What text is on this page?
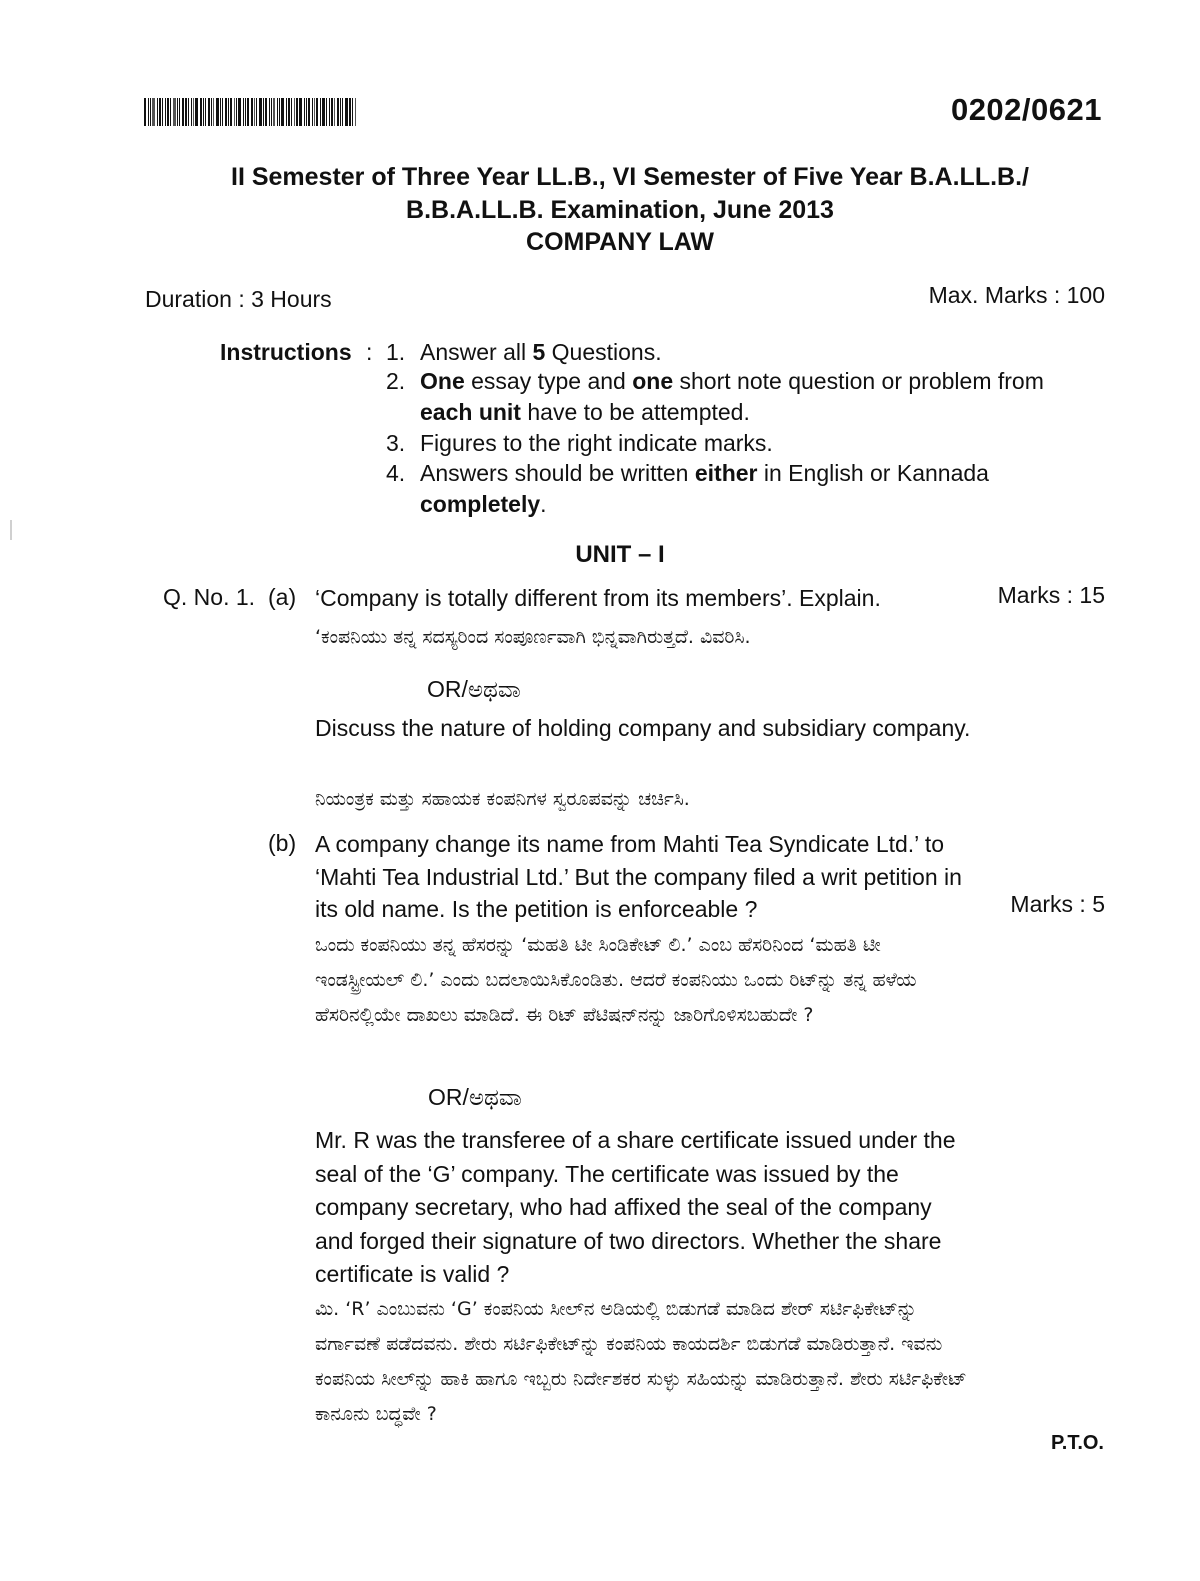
0202/0621
II Semester of Three Year LL.B., VI Semester of Five Year B.A.LL.B./
B.B.A.LL.B. Examination, June 2013
COMPANY LAW
Duration : 3 Hours	Max. Marks : 100
Instructions : 1. Answer all 5 Questions.
2. One essay type and one short note question or problem from each unit have to be attempted.
3. Figures to the right indicate marks.
4. Answers should be written either in English or Kannada completely.
UNIT – I
Q. No. 1. (a) ‘Company is totally different from its members’. Explain.	Marks : 15
‘ಕಂಪನಿಯು ತನ್ನ ಸದಸ್ಯರಿಂದ ಸಂಪೂರ್ಣವಾಗಿ ಭಿನ್ನವಾಗಿರುತ್ತದೆ. ವಿವರಿಸಿ.
OR/ಅಥವಾ
Discuss the nature of holding company and subsidiary company.
ನಿಯಂತ್ರಕ ಮತ್ತು ಸಹಾಯಕ ಕಂಪನಿಗಳ ಸ್ವರೂಪವನ್ನು ಚರ್ಚಿಸಿ.
(b) A company change its name from Mahti Tea Syndicate Ltd.’ to ‘Mahti Tea Industrial Ltd.’ But the company filed a writ petition in its old name. Is the petition is enforceable ?	Marks : 5
ಒಂದು ಕಂಪನಿಯು ತನ್ನ ಹೆಸರನ್ನು ‘ಮಹತಿ ಟೀ ಸಿಂಡಿಕೇಟ್ ಲಿ.’ ಎಂಬ ಹೆಸರಿನಿಂದ ‘ಮಹತಿ ಟೀ ಇಂಡಸ್ಟ್ರೀಯಲ್ ಲಿ.’ ಎಂದು ಬದಲಾಯಿಸಿಕೊಂಡಿತು. ಆದರೆ ಕಂಪನಿಯು ಒಂದು ರಿಟ್‌ನ್ನು ತನ್ನ ಹಳೆಯ ಹೆಸರಿನಲ್ಲಿಯೇ ದಾಖಲು ಮಾಡಿದೆ. ಈ ರಿಟ್ ಪೆಟಿಷನ್‌ನನ್ನು ಜಾರಿಗೊಳಿಸಬಹುದೇ ?
OR/ಅಥವಾ
Mr. R was the transferee of a share certificate issued under the seal of the ‘G’ company. The certificate was issued by the company secretary, who had affixed the seal of the company and forged their signature of two directors. Whether the share certificate is valid ?
ಮಿ. ‘R’ ಎಂಬುವನು ‘G’ ಕಂಪನಿಯ ಸೀಲ್‌ನ ಅಡಿಯಲ್ಲಿ ಬಿಡುಗಡೆ ಮಾಡಿದ ಶೇರ್ ಸರ್ಟಿಫಿಕೇಟ್‌ನ್ನು ವರ್ಗಾವಣೆ ಪಡೆದವನು. ಶೇರು ಸರ್ಟಿಫಿಕೇಟ್‌ನ್ನು ಕಂಪನಿಯ ಕಾಯದರ್ಶಿ ಬಿಡುಗಡೆ ಮಾಡಿರುತ್ತಾನೆ. ಇವನು ಕಂಪನಿಯ ಸೀಲ್‌ನ್ನು ಹಾಕಿ ಹಾಗೂ ಇಬ್ಬರು ನಿರ್ದೇಶಕರ ಸುಳ್ಳು ಸಹಿಯನ್ನು ಮಾಡಿರುತ್ತಾನೆ. ಶೇರು ಸರ್ಟಿಫಿಕೇಟ್ ಕಾನೂನು ಬದ್ಧವೇ ?
P.T.O.
